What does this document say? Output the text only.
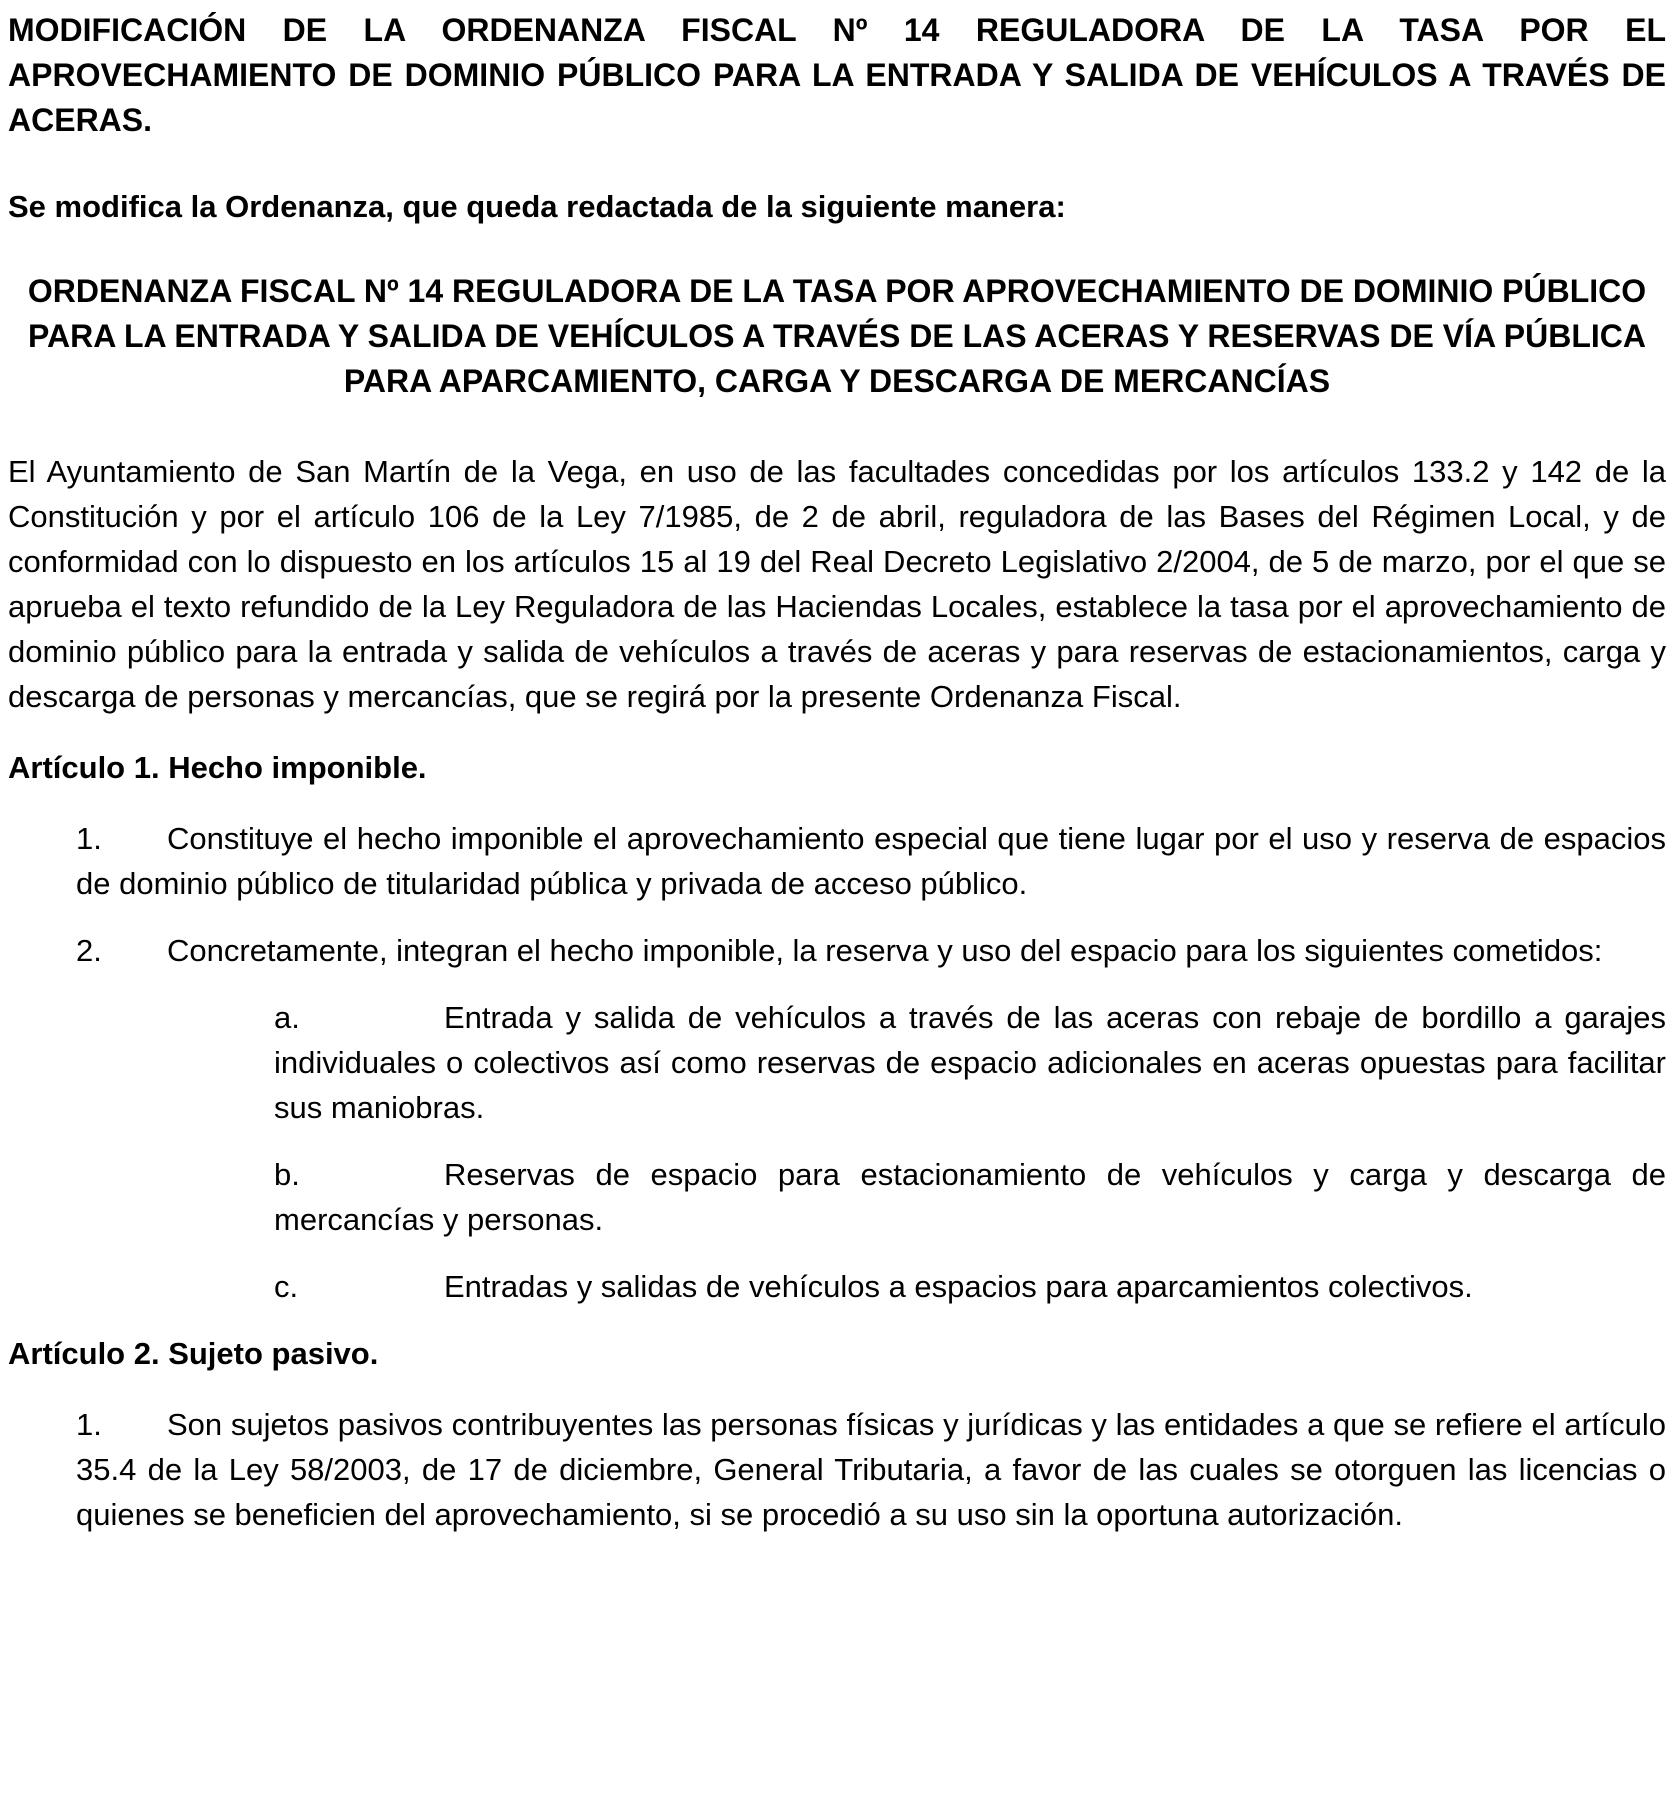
MODIFICACIÓN DE LA ORDENANZA FISCAL Nº 14 REGULADORA DE LA TASA POR EL APROVECHAMIENTO DE DOMINIO PÚBLICO PARA LA ENTRADA Y SALIDA DE VEHÍCULOS A TRAVÉS DE ACERAS.

Se modifica la Ordenanza, que queda redactada de la siguiente manera:

ORDENANZA FISCAL Nº 14 REGULADORA DE LA TASA POR APROVECHAMIENTO DE DOMINIO PÚBLICO PARA LA ENTRADA Y SALIDA DE VEHÍCULOS A TRAVÉS DE LAS ACERAS Y RESERVAS DE VÍA PÚBLICA PARA APARCAMIENTO, CARGA Y DESCARGA DE MERCANCÍAS

El Ayuntamiento de San Martín de la Vega, en uso de las facultades concedidas por los artículos 133.2 y 142 de la Constitución y por el artículo 106 de la Ley 7/1985, de 2 de abril, reguladora de las Bases del Régimen Local, y de conformidad con lo dispuesto en los artículos 15 al 19 del Real Decreto Legislativo 2/2004, de 5 de marzo, por el que se aprueba el texto refundido de la Ley Reguladora de las Haciendas Locales, establece la tasa por el aprovechamiento de dominio público para la entrada y salida de vehículos a través de aceras y para reservas de estacionamientos, carga y descarga de personas y mercancías, que se regirá por la presente Ordenanza Fiscal.

Artículo 1. Hecho imponible.

1. Constituye el hecho imponible el aprovechamiento especial que tiene lugar por el uso y reserva de espacios de dominio público de titularidad pública y privada de acceso público.

2. Concretamente, integran el hecho imponible, la reserva y uso del espacio para los siguientes cometidos:

a.	Entrada y salida de vehículos a través de las aceras con rebaje de bordillo a garajes individuales o colectivos así como reservas de espacio adicionales en aceras opuestas para facilitar sus maniobras.

b.	Reservas de espacio para estacionamiento de vehículos y carga y descarga de mercancías y personas.

c.	Entradas y salidas de vehículos a espacios para aparcamientos colectivos.

Artículo 2. Sujeto pasivo.

1. Son sujetos pasivos contribuyentes las personas físicas y jurídicas y las entidades a que se refiere el artículo 35.4 de la Ley 58/2003, de 17 de diciembre, General Tributaria, a favor de las cuales se otorguen las licencias o quienes se beneficien del aprovechamiento, si se procedió a su uso sin la oportuna autorización.
